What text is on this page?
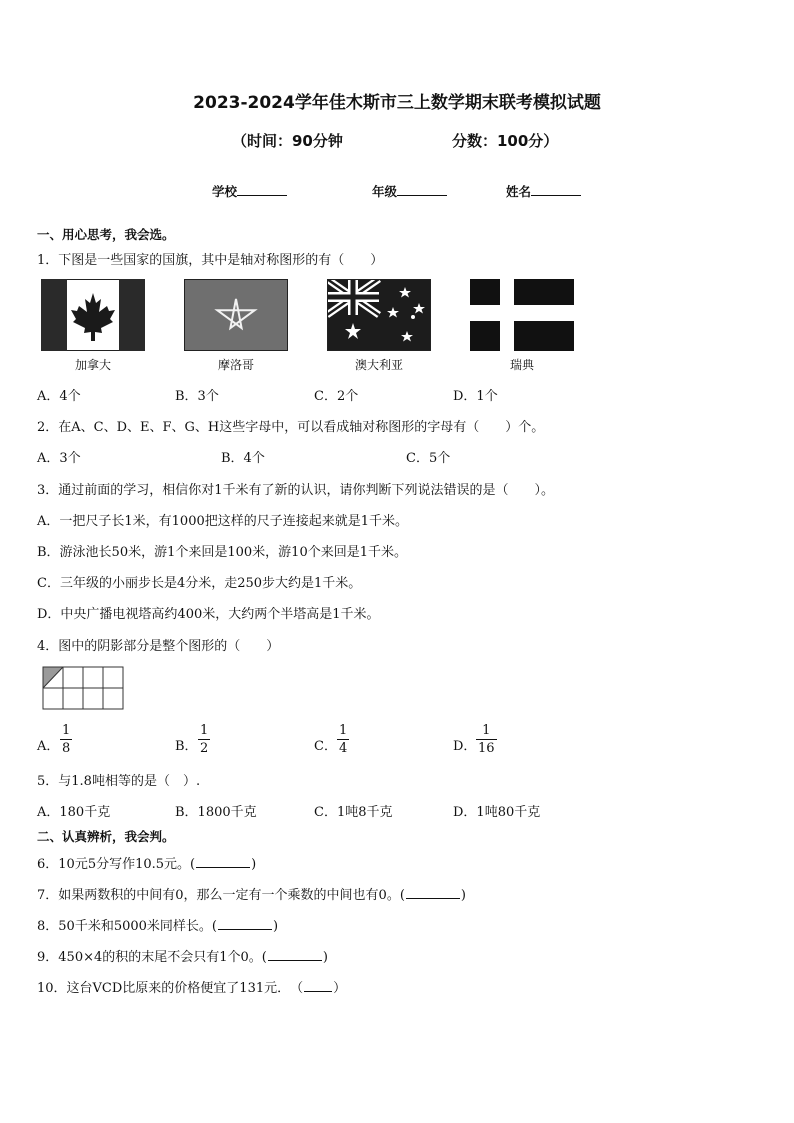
2023-2024学年佳木斯市三上数学期末联考模拟试题
（时间：90分钟	分数：100分）
学校	年级	姓名
一、用心思考，我会选。
1．下图是一些国家的国旗，其中是轴对称图形的有（　　）
加拿大	摩洛哥	澳大利亚	瑞典
A．4个	B．3个	C．2个	D．1个
2．在A、C、D、E、F、G、H这些字母中，可以看成轴对称图形的字母有（　　）个。
A．3个	B．4个	C．5个
3．通过前面的学习，相信你对1千米有了新的认识，请你判断下列说法错误的是（　　）。
A．一把尺子长1米，有1000把这样的尺子连接起来就是1千米。
B．游泳池长50米，游1个来回是100米，游10个来回是1千米。
C．三年级的小丽步长是4分米，走250步大约是1千米。
D．中央广播电视塔高约400米，大约两个半塔高是1千米。
4．图中的阴影部分是整个图形的（　　）
A． $\frac{1}{8}$	B． $\frac{1}{2}$	C． $\frac{1}{4}$	D． $\frac{1}{16}$
5．与1.8吨相等的是（　）.
A．180千克	B．1800千克	C．1吨8千克	D．1吨80千克
二、认真辨析，我会判。
6．10元5分写作10.5元。(	)
7．如果两数积的中间有0，那么一定有一个乘数的中间也有0。(	)
8．50千米和5000米同样长。(	)
9．450×4的积的末尾不会只有1个0。(	)
10．这台VCD比原来的价格便宜了131元．　（ ）
